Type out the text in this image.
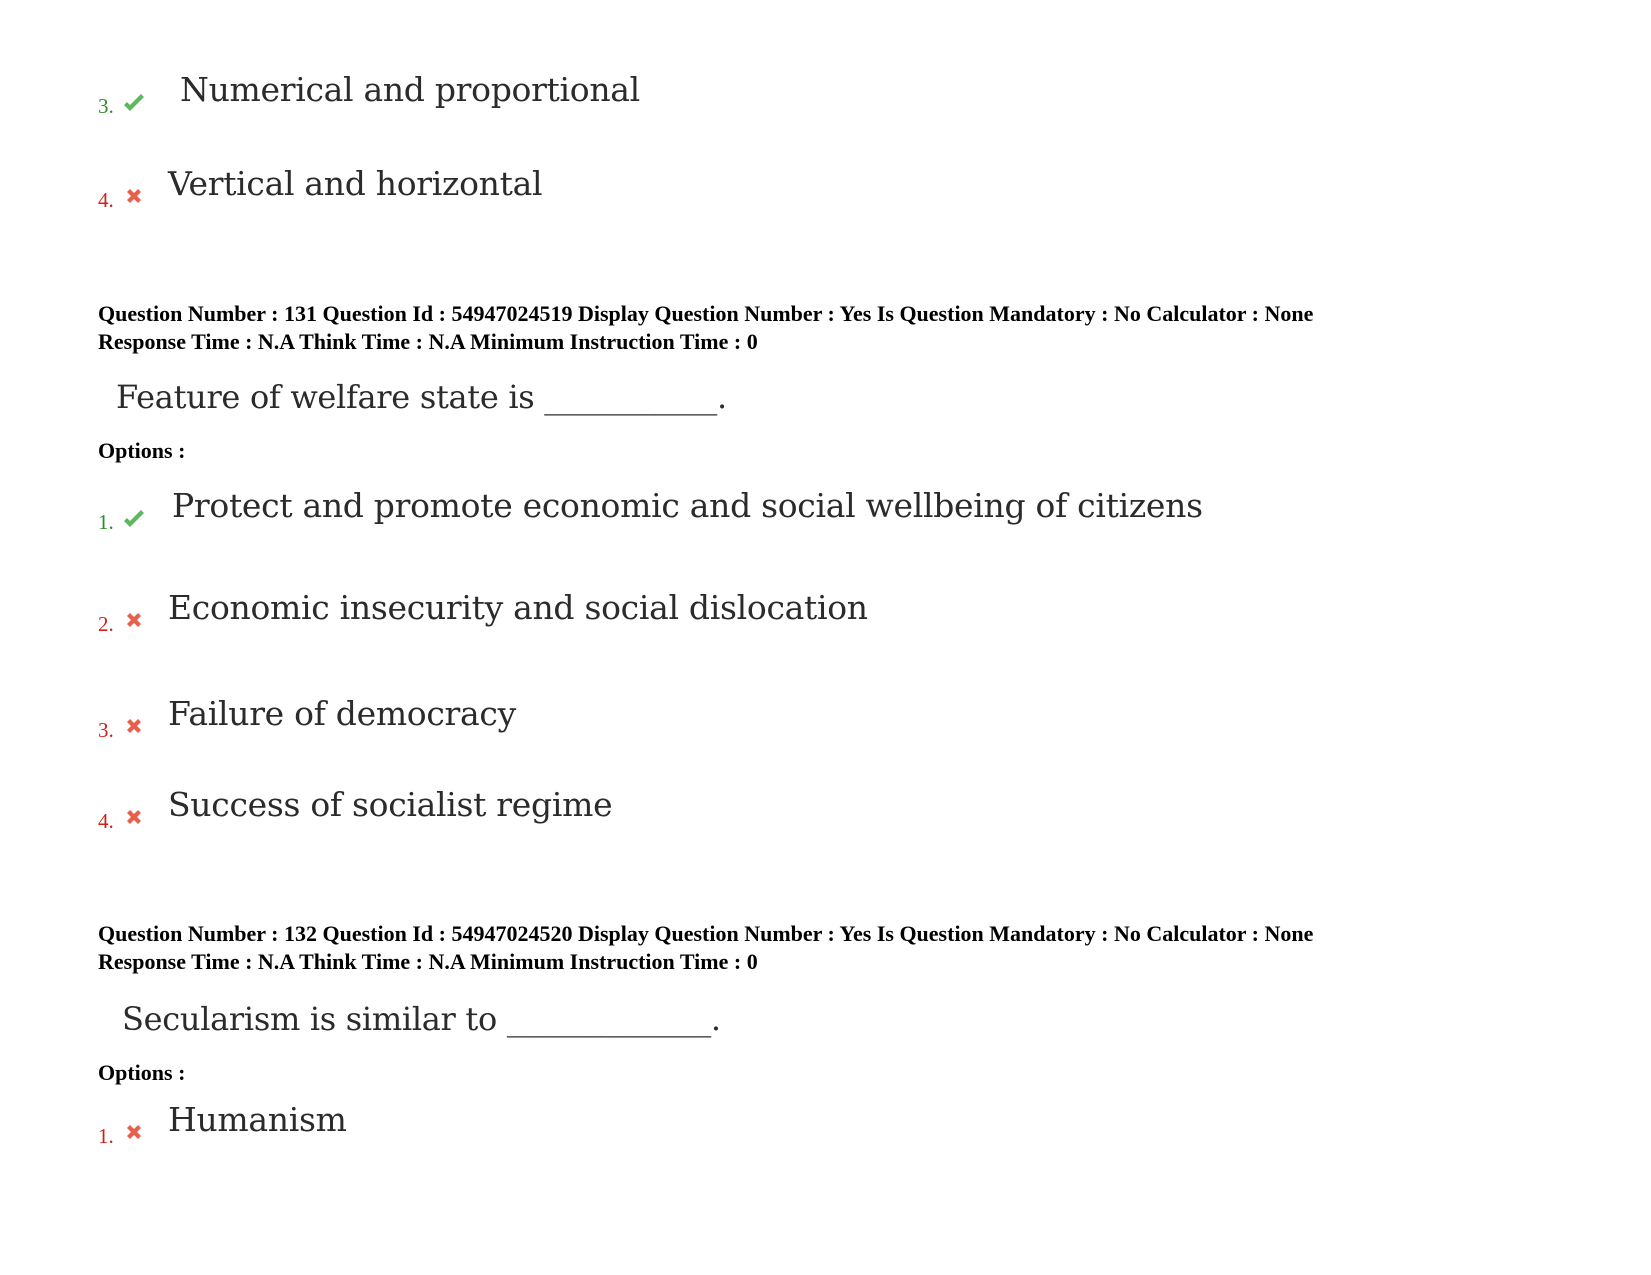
3. Numerical and proportional
4. Vertical and horizontal
Question Number : 131 Question Id : 54947024519 Display Question Number : Yes Is Question Mandatory : No Calculator : None
Response Time : N.A Think Time : N.A Minimum Instruction Time : 0
Feature of welfare state is ___________.
Options :
1. Protect and promote economic and social wellbeing of citizens
2. Economic insecurity and social dislocation
3. Failure of democracy
4. Success of socialist regime
Question Number : 132 Question Id : 54947024520 Display Question Number : Yes Is Question Mandatory : No Calculator : None
Response Time : N.A Think Time : N.A Minimum Instruction Time : 0
Secularism is similar to _____________.
Options :
1. Humanism
